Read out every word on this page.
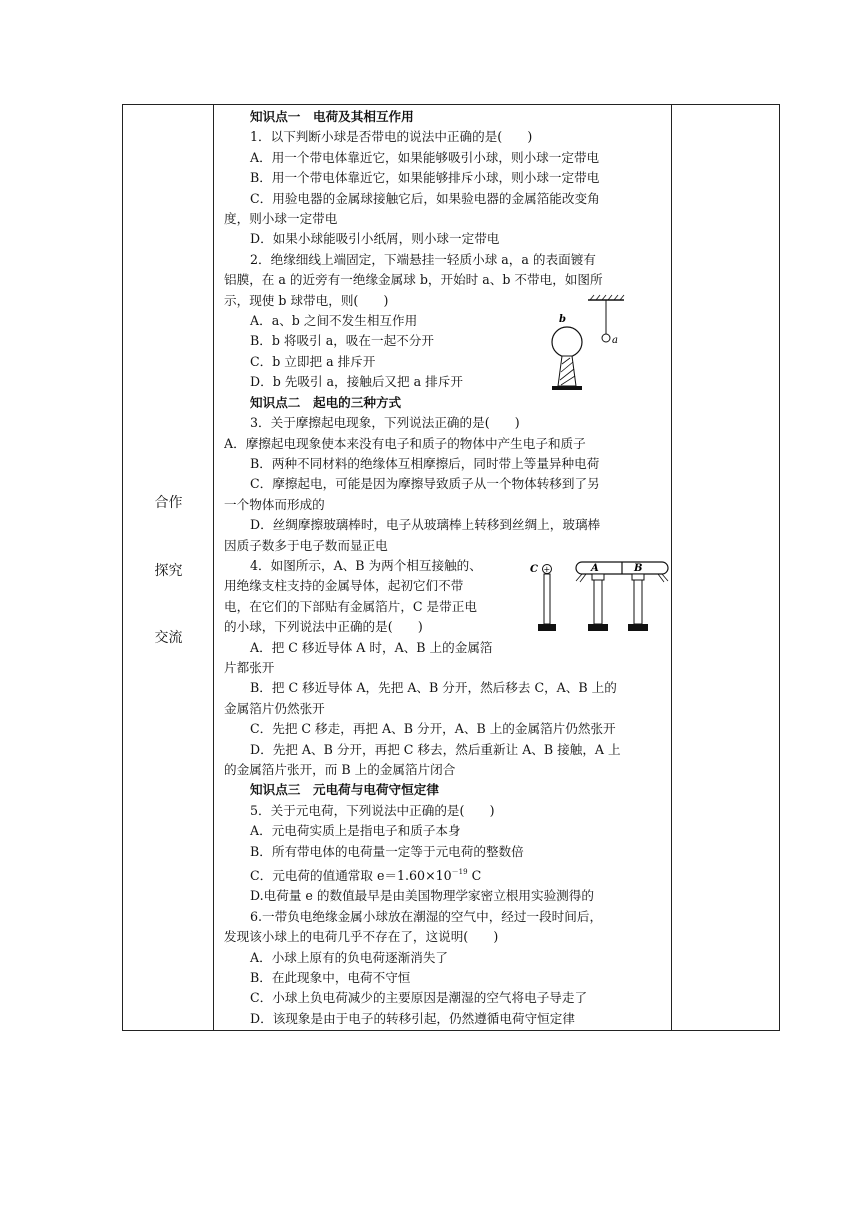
合作
探究
交流
知识点一　电荷及其相互作用
1．以下判断小球是否带电的说法中正确的是(　　)
A．用一个带电体靠近它，如果能够吸引小球，则小球一定带电
B．用一个带电体靠近它，如果能够排斥小球，则小球一定带电
C．用验电器的金属球接触它后，如果验电器的金属箔能改变角
度，则小球一定带电
D．如果小球能吸引小纸屑，则小球一定带电
2．绝缘细线上端固定，下端悬挂一轻质小球 a，a 的表面镀有
铝膜，在 a 的近旁有一绝缘金属球 b，开始时 a、b 不带电，如图所
示，现使 b 球带电，则(　　)
A．a、b 之间不发生相互作用
B．b 将吸引 a，吸在一起不分开
C．b 立即把 a 排斥开
D．b 先吸引 a，接触后又把 a 排斥开
知识点二　起电的三种方式
3．关于摩擦起电现象，下列说法正确的是(　　)
A．摩擦起电现象使本来没有电子和质子的物体中产生电子和质子
B．两种不同材料的绝缘体互相摩擦后，同时带上等量异种电荷
C．摩擦起电，可能是因为摩擦导致质子从一个物体转移到了另
一个物体而形成的
D．丝绸摩擦玻璃棒时，电子从玻璃棒上转移到丝绸上，玻璃棒
因质子数多于电子数而显正电
4．如图所示，A、B 为两个相互接触的、
用绝缘支柱支持的金属导体，起初它们不带
电，在它们的下部贴有金属箔片，C 是带正电
的小球，下列说法中正确的是(　　)
A．把 C 移近导体 A 时，A、B 上的金属箔
片都张开
B．把 C 移近导体 A，先把 A、B 分开，然后移去 C，A、B 上的
金属箔片仍然张开
C．先把 C 移走，再把 A、B 分开，A、B 上的金属箔片仍然张开
D．先把 A、B 分开，再把 C 移去，然后重新让 A、B 接触，A 上
的金属箔片张开，而 B 上的金属箔片闭合
知识点三　元电荷与电荷守恒定律
5．关于元电荷，下列说法中正确的是(　　)
A．元电荷实质上是指电子和质子本身
B．所有带电体的电荷量一定等于元电荷的整数倍
C．元电荷的值通常取 $e=1.60\times 10^{-19}$ C
D.电荷量 e 的数值最早是由美国物理学家密立根用实验测得的
6.一带负电绝缘金属小球放在潮湿的空气中，经过一段时间后，
发现该小球上的电荷几乎不存在了，这说明(　　)
A．小球上原有的负电荷逐渐消失了
B．在此现象中，电荷不守恒
C．小球上负电荷减少的主要原因是潮湿的空气将电子导走了
D．该现象是由于电子的转移引起，仍然遵循电荷守恒定律
a
b
C +	A	B
